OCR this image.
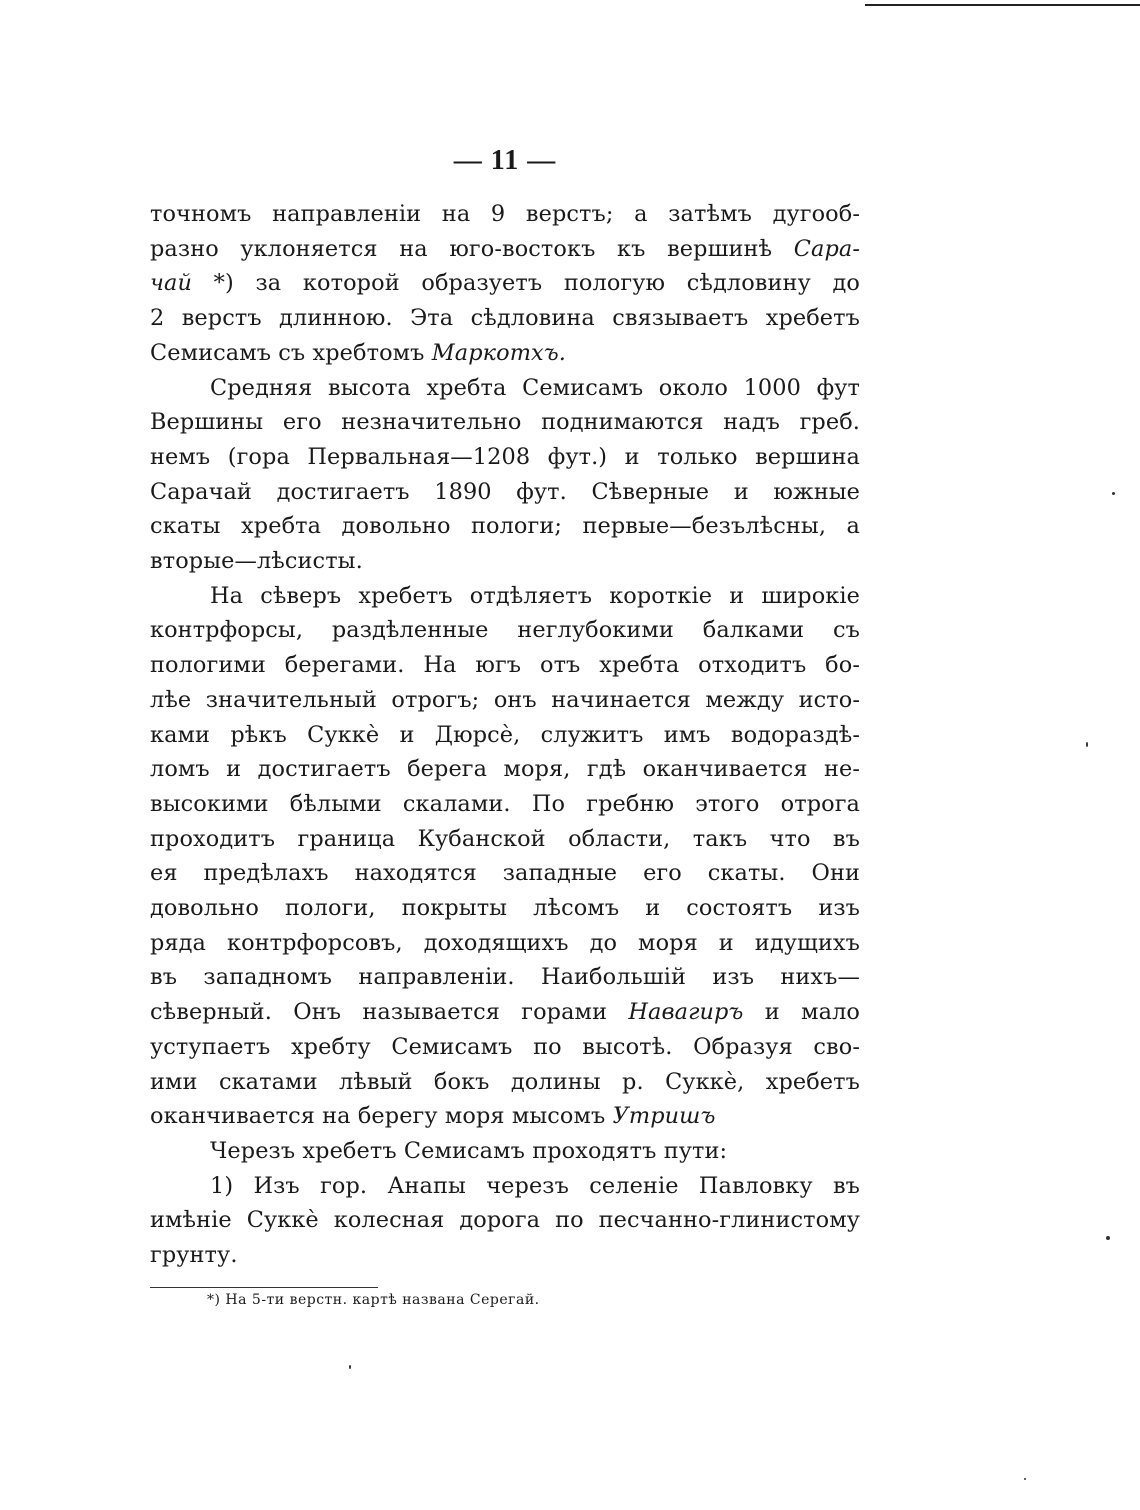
— 11 —
точномъ направленіи на 9 верстъ; а затѣмъ дугооб-
разно уклоняется на юго-востокъ къ вершинѣ Сара-
чай *) за которой образуетъ пологую сѣдловину до
2 верстъ длинною. Эта сѣдловина связываетъ хребетъ
Семисамъ съ хребтомъ Маркотхъ.
Средняя высота хребта Семисамъ около 1000 фут
Вершины его незначительно поднимаются надъ греб.
немъ (гора Первальная—1208 фут.) и только вершина
Сарачай достигаетъ 1890 фут. Сѣверные и южные
скаты хребта довольно пологи; первые—безълѣсны, а
вторые—лѣсисты.
На сѣверъ хребетъ отдѣляетъ короткіе и широкіе
контрфорсы, раздѣленные неглубокими балками съ
пологими берегами. На югъ отъ хребта отходитъ бо-
лѣе значительный отрогъ; онъ начинается между исто-
ками рѣкъ Суккѐ и Дюрсѐ, служитъ имъ водораздѣ-
ломъ и достигаетъ берега моря, гдѣ оканчивается не-
высокими бѣлыми скалами. По гребню этого отрога
проходитъ граница Кубанской области, такъ что въ
ея предѣлахъ находятся западные его скаты. Они
довольно пологи, покрыты лѣсомъ и состоятъ изъ
ряда контрфорсовъ, доходящихъ до моря и идущихъ
въ западномъ направленіи. Наибольшій изъ нихъ—
сѣверный. Онъ называется горами Навагиръ и мало
уступаетъ хребту Семисамъ по высотѣ. Образуя сво-
ими скатами лѣвый бокъ долины р. Суккѐ, хребетъ
оканчивается на берегу моря мысомъ Утришъ
Черезъ хребетъ Семисамъ проходятъ пути:
1) Изъ гор. Анапы черезъ селеніе Павловку въ
имѣніе Суккѐ колесная дорога по песчанно-глинистому
грунту.
*) На 5-ти верстн. картѣ названа Серегай.
